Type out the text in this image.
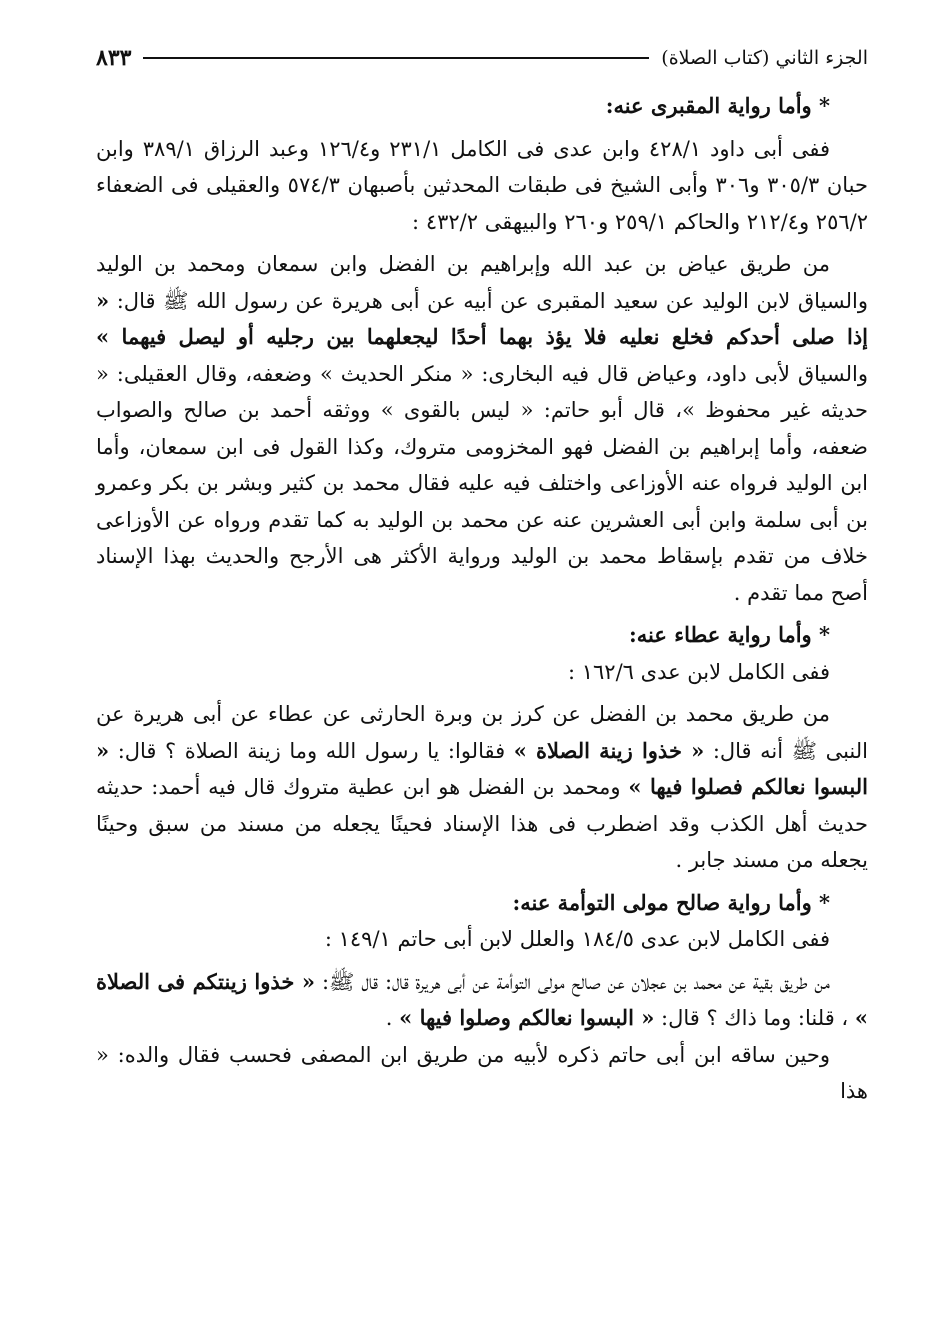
الجزء الثاني (كتاب الصلاة)
٨٣٣

* وأما رواية المقبرى عنه:

ففى أبى داود ٤٢٨/١ وابن عدى فى الكامل ٢٣١/١ و١٢٦/٤ وعبد الرزاق ٣٨٩/١ وابن حبان ٣٠٥/٣ و٣٠٦ وأبى الشيخ فى طبقات المحدثين بأصبهان ٥٧٤/٣ والعقيلى فى الضعفاء ٢٥٦/٢ و٢١٢/٤ والحاكم ٢٥٩/١ و٢٦٠ والبيهقى ٤٣٢/٢ :

من طريق عياض بن عبد الله وإبراهيم بن الفضل وابن سمعان ومحمد بن الوليد والسياق لابن الوليد عن سعيد المقبرى عن أبيه عن أبى هريرة عن رسول الله ﷺ قال: « إذا صلى أحدكم فخلع نعليه فلا يؤذ بهما أحدًا ليجعلهما بين رجليه أو ليصل فيهما » والسياق لأبى داود، وعياض قال فيه البخارى: « منكر الحديث » وضعفه، وقال العقيلى: « حديثه غير محفوظ »، قال أبو حاتم: « ليس بالقوى » ووثقه أحمد بن صالح والصواب ضعفه، وأما إبراهيم بن الفضل فهو المخزومى متروك، وكذا القول فى ابن سمعان، وأما ابن الوليد فرواه عنه الأوزاعى واختلف فيه عليه فقال محمد بن كثير وبشر بن بكر وعمرو بن أبى سلمة وابن أبى العشرين عنه عن محمد بن الوليد به كما تقدم ورواه عن الأوزاعى خلاف من تقدم بإسقاط محمد بن الوليد ورواية الأكثر هى الأرجح والحديث بهذا الإسناد أصح مما تقدم .

* وأما رواية عطاء عنه:

ففى الكامل لابن عدى ١٦٢/٦ :

من طريق محمد بن الفضل عن كرز بن وبرة الحارثى عن عطاء عن أبى هريرة عن النبى ﷺ أنه قال: « خذوا زينة الصلاة » فقالوا: يا رسول الله وما زينة الصلاة ؟ قال: « البسوا نعالكم فصلوا فيها » ومحمد بن الفضل هو ابن عطية متروك قال فيه أحمد: حديثه حديث أهل الكذب وقد اضطرب فى هذا الإسناد فحينًا يجعله من مسند من سبق وحينًا يجعله من مسند جابر .

* وأما رواية صالح مولى التوأمة عنه:

ففى الكامل لابن عدى ١٨٤/٥ والعلل لابن أبى حاتم ١٤٩/١ :

من طريق بقية عن محمد بن عجلان عن صالح مولى التوأمة عن أبى هريرة قال: قال ﷺ: « خذوا زينتكم فى الصلاة » ، قلنا: وما ذاك ؟ قال: « البسوا نعالكم وصلوا فيها » .

وحين ساقه ابن أبى حاتم ذكره لأبيه من طريق ابن المصفى فحسب فقال والده: « هذا
